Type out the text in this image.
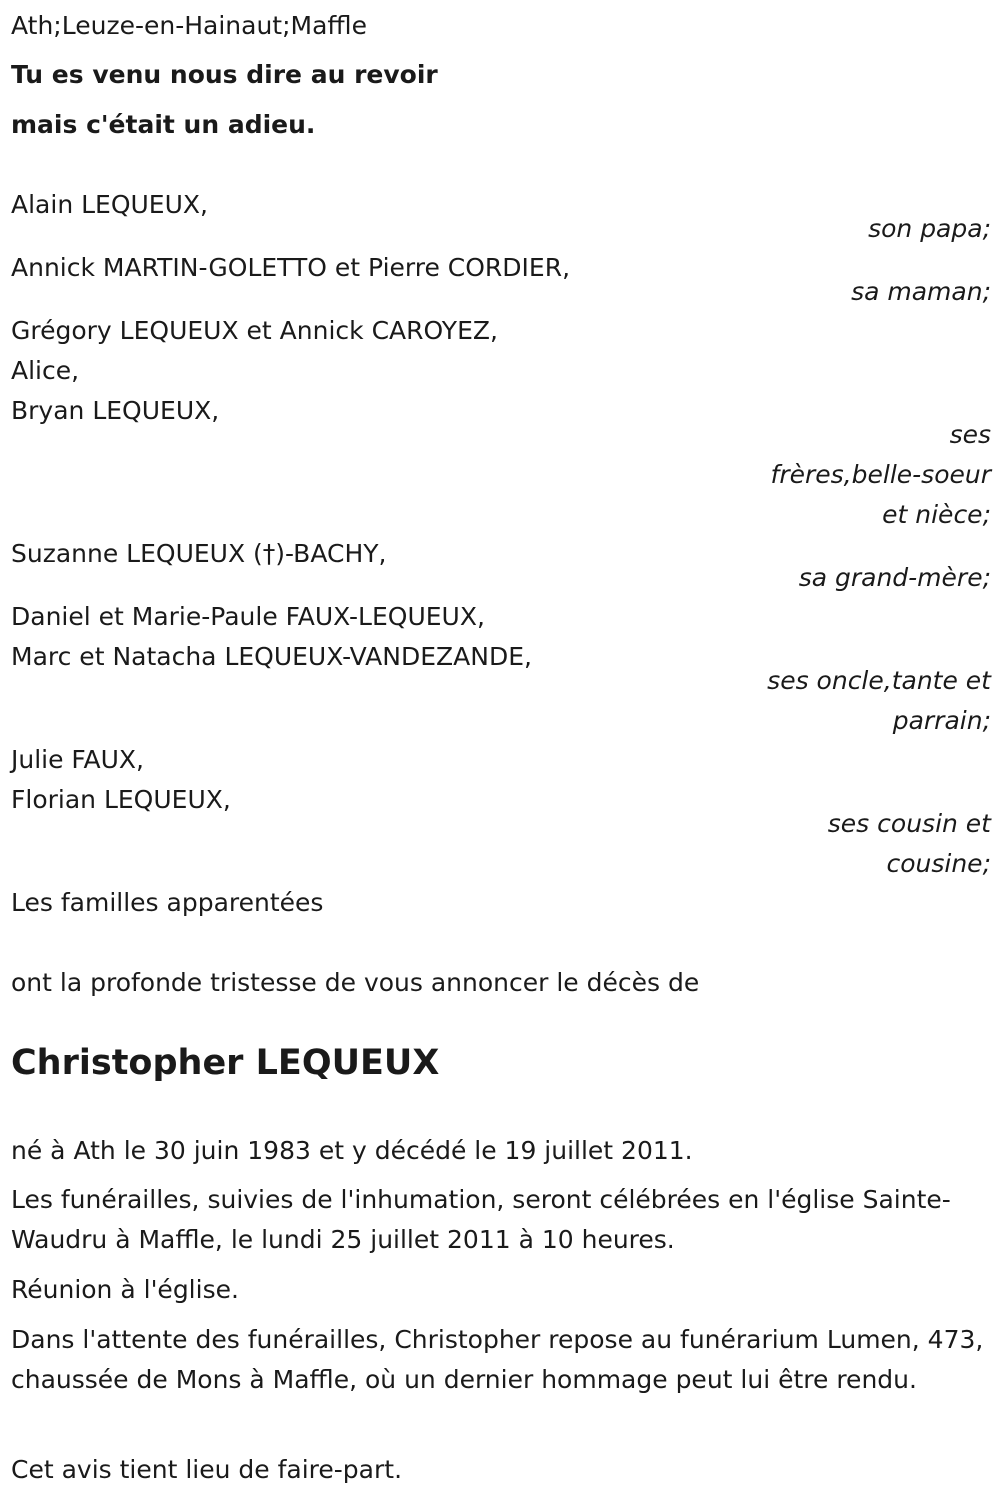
Ath;Leuze-en-Hainaut;Maffle
Tu es venu nous dire au revoir
mais c'était un adieu.
Alain LEQUEUX,
son papa;
Annick MARTIN-GOLETTO et Pierre CORDIER,
sa maman;
Grégory LEQUEUX et Annick CAROYEZ,
Alice,
Bryan LEQUEUX,
ses
frères,belle-soeur
et nièce;
Suzanne LEQUEUX (†)-BACHY,
sa grand-mère;
Daniel et Marie-Paule FAUX-LEQUEUX,
Marc et Natacha LEQUEUX-VANDEZANDE,
ses oncle,tante et
parrain;
Julie FAUX,
Florian LEQUEUX,
ses cousin et
cousine;
Les familles apparentées
ont la profonde tristesse de vous annoncer le décès de
Christopher LEQUEUX
né à Ath le 30 juin 1983 et y décédé le 19 juillet 2011.
Les funérailles, suivies de l'inhumation, seront célébrées en l'église Sainte-Waudru à Maffle, le lundi 25 juillet 2011 à 10 heures.
Réunion à l'église.
Dans l'attente des funérailles, Christopher repose au funérarium Lumen, 473, chaussée de Mons à Maffle, où un dernier hommage peut lui être rendu.
Cet avis tient lieu de faire-part.
